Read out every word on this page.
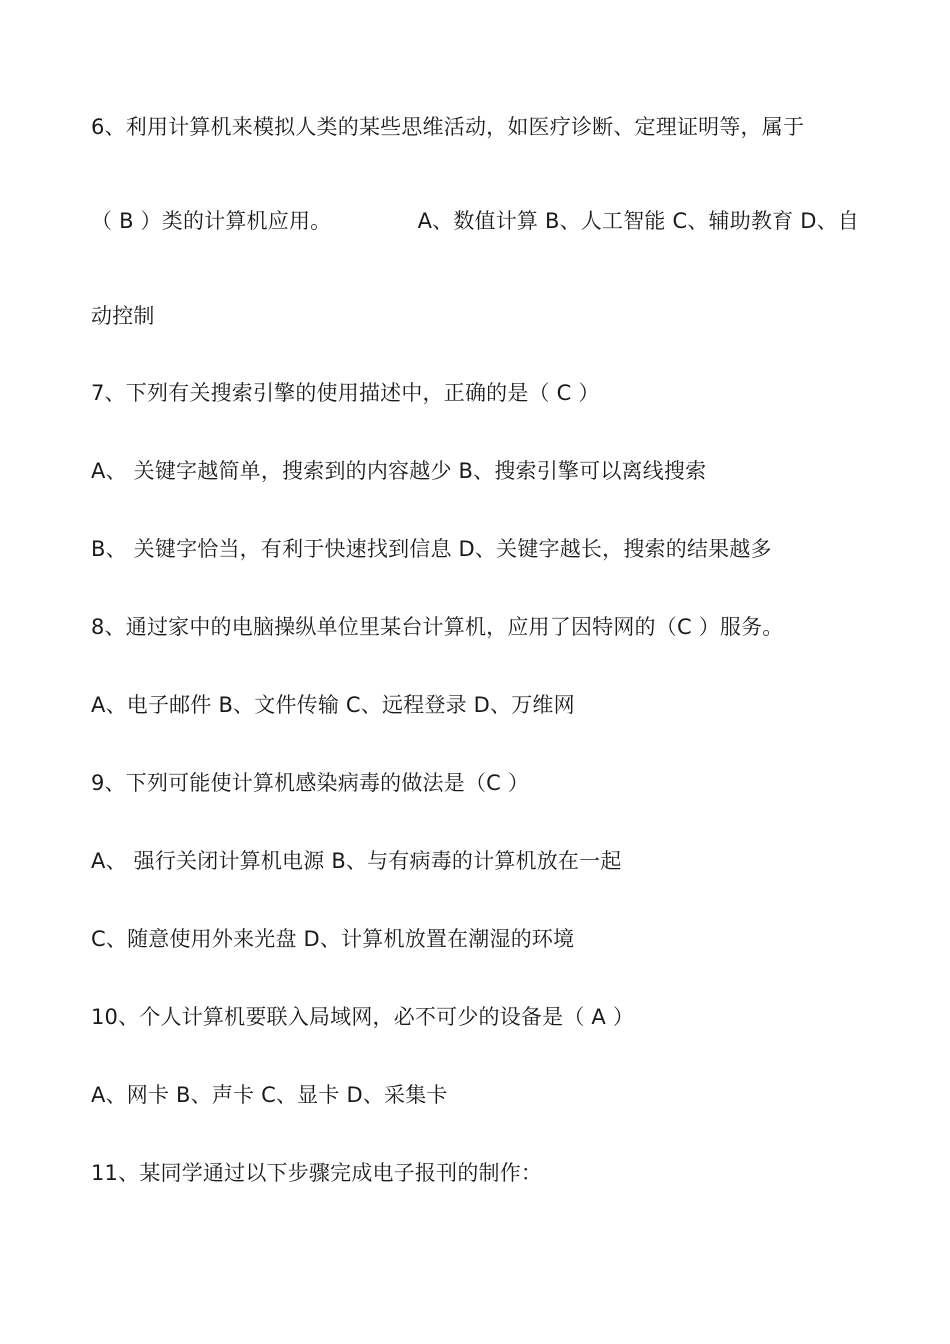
6、利用计算机来模拟人类的某些思维活动，如医疗诊断、定理证明等，属于
（ B ）类的计算机应用。	A、数值计算 B、人工智能 C、辅助教育 D、自
动控制
7、下列有关搜索引擎的使用描述中，正确的是（ C ）
A、 关键字越简单，搜索到的内容越少 B、搜索引擎可以离线搜索
B、 关键字恰当，有利于快速找到信息 D、关键字越长，搜索的结果越多
8、通过家中的电脑操纵单位里某台计算机，应用了因特网的（C ）服务。
A、电子邮件 B、文件传输 C、远程登录 D、万维网
9、下列可能使计算机感染病毒的做法是（C ）
A、 强行关闭计算机电源 B、与有病毒的计算机放在一起
C、随意使用外来光盘 D、计算机放置在潮湿的环境
10、个人计算机要联入局域网，必不可少的设备是（ A ）
A、网卡 B、声卡 C、显卡 D、采集卡
11、某同学通过以下步骤完成电子报刊的制作：
